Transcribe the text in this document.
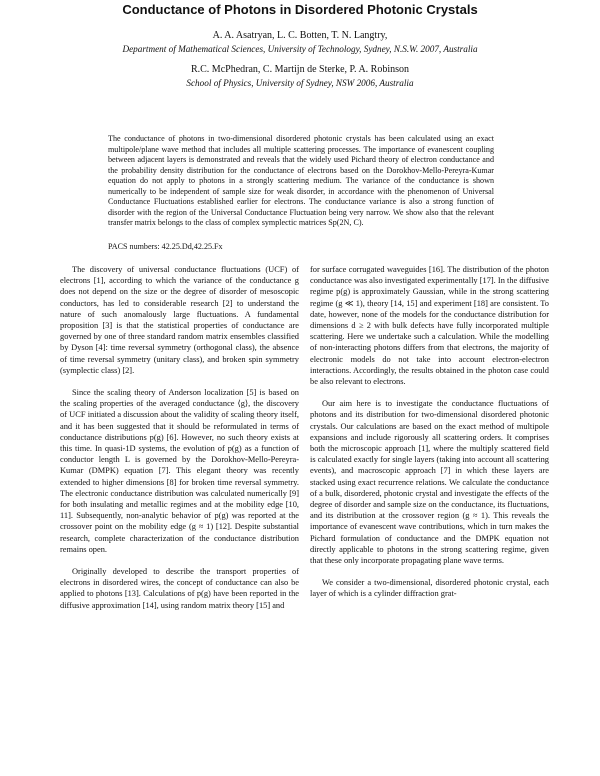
Conductance of Photons in Disordered Photonic Crystals
A. A. Asatryan, L. C. Botten, T. N. Langtry,
Department of Mathematical Sciences, University of Technology, Sydney, N.S.W. 2007, Australia
R.C. McPhedran, C. Martijn de Sterke, P. A. Robinson
School of Physics, University of Sydney, NSW 2006, Australia

The conductance of photons in two-dimensional disordered photonic crystals has been calculated using an exact multipole/plane wave method that includes all multiple scattering processes. The importance of evanescent coupling between adjacent layers is demonstrated and reveals that the widely used Pichard theory of electron conductance and the probability density distribution for the conductance of electrons based on the Dorokhov-Mello-Pereyra-Kumar equation do not apply to photons in a strongly scattering medium. The variance of the conductance is shown numerically to be independent of sample size for weak disorder, in accordance with the phenomenon of Universal Conductance Fluctuations established earlier for electrons. The conductance variance is also a strong function of disorder with the region of the Universal Conductance Fluctuation being very narrow. We show also that the relevant transfer matrix belongs to the class of complex symplectic matrices Sp(2N, C).

PACS numbers: 42.25.Dd,42.25.Fx

The discovery of universal conductance fluctuations (UCF) of electrons [1], according to which the variance of the conductance g does not depend on the size or the degree of disorder of mesoscopic conductors, has led to considerable research [2] to understand the nature of such anomalously large fluctuations. A fundamental proposition [3] is that the statistical properties of conductance are governed by one of three standard random matrix ensembles classified by Dyson [4]: time reversal symmetry (orthogonal class), the absence of time reversal symmetry (unitary class), and broken spin symmetry (symplectic class) [2].

Since the scaling theory of Anderson localization [5] is based on the scaling properties of the averaged conductance ⟨g⟩, the discovery of UCF initiated a discussion about the validity of scaling theory itself, and it has been suggested that it should be reformulated in terms of conductance distributions p(g) [6]. However, no such theory exists at this time. In quasi-1D systems, the evolution of p(g) as a function of conductor length L is governed by the Dorokhov-Mello-Pereyra-Kumar (DMPK) equation [7]. This elegant theory was recently extended to higher dimensions [8] for broken time reversal symmetry. The electronic conductance distribution was calculated numerically [9] for both insulating and metallic regimes and at the mobility edge [10, 11]. Subsequently, non-analytic behavior of p(g) was reported at the crossover point on the mobility edge (g ≈ 1) [12]. Despite substantial research, complete characterization of the conductance distribution remains open.

Originally developed to describe the transport properties of electrons in disordered wires, the concept of conductance can also be applied to photons [13]. Calculations of p(g) have been reported in the diffusive approximation [14], using random matrix theory [15] and

for surface corrugated waveguides [16]. The distribution of the photon conductance was also investigated experimentally [17]. In the diffusive regime p(g) is approximately Gaussian, while in the strong scattering regime (g ≪ 1), theory [14, 15] and experiment [18] are consistent. To date, however, none of the models for the conductance distribution for dimensions d ≥ 2 with bulk defects have fully incorporated multiple scattering. Here we undertake such a calculation. While the modelling of non-interacting photons differs from that electrons, the majority of electronic models do not take into account electron-electron interactions. Accordingly, the results obtained in the photon case could be also relevant to electrons.

Our aim here is to investigate the conductance fluctuations of photons and its distribution for two-dimensional disordered photonic crystals. Our calculations are based on the exact method of multipole expansions and include rigorously all scattering orders. It comprises both the microscopic approach [1], where the multiply scattered field is calculated exactly for single layers (taking into account all scattering events), and macroscopic approach [7] in which these layers are stacked using exact recurrence relations. We calculate the conductance of a bulk, disordered, photonic crystal and investigate the effects of the degree of disorder and sample size on the conductance, its fluctuations, and its distribution at the crossover region (g ≈ 1). This reveals the importance of evanescent wave contributions, which in turn makes the Pichard formulation of conductance and the DMPK equation not directly applicable to photons in the strong scattering regime, given that these only incorporate propagating plane wave terms.

We consider a two-dimensional, disordered photonic crystal, each layer of which is a cylinder diffraction grat-
